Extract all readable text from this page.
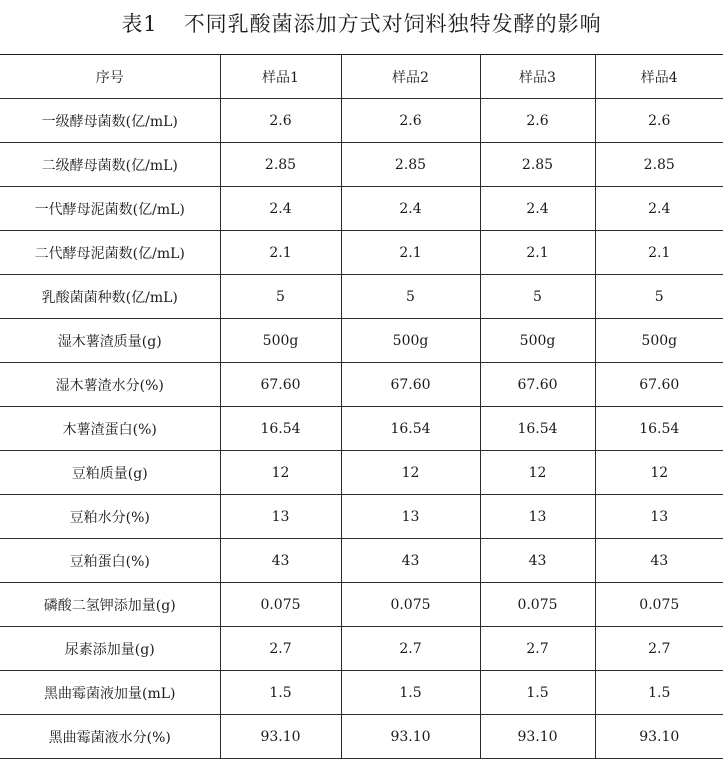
表1 不同乳酸菌添加方式对饲料独特发酵的影响
序号	样品1	样品2	样品3	样品4
一级酵母菌数(亿/mL)	2.6	2.6	2.6	2.6
二级酵母菌数(亿/mL)	2.85	2.85	2.85	2.85
一代酵母泥菌数(亿/mL)	2.4	2.4	2.4	2.4
二代酵母泥菌数(亿/mL)	2.1	2.1	2.1	2.1
乳酸菌菌种数(亿/mL)	5	5	5	5
湿木薯渣质量(g)	500g	500g	500g	500g
湿木薯渣水分(%)	67.60	67.60	67.60	67.60
木薯渣蛋白(%)	16.54	16.54	16.54	16.54
豆粕质量(g)	12	12	12	12
豆粕水分(%)	13	13	13	13
豆粕蛋白(%)	43	43	43	43
磷酸二氢钾添加量(g)	0.075	0.075	0.075	0.075
尿素添加量(g)	2.7	2.7	2.7	2.7
黑曲霉菌液加量(mL)	1.5	1.5	1.5	1.5
黑曲霉菌液水分(%)	93.10	93.10	93.10	93.10
